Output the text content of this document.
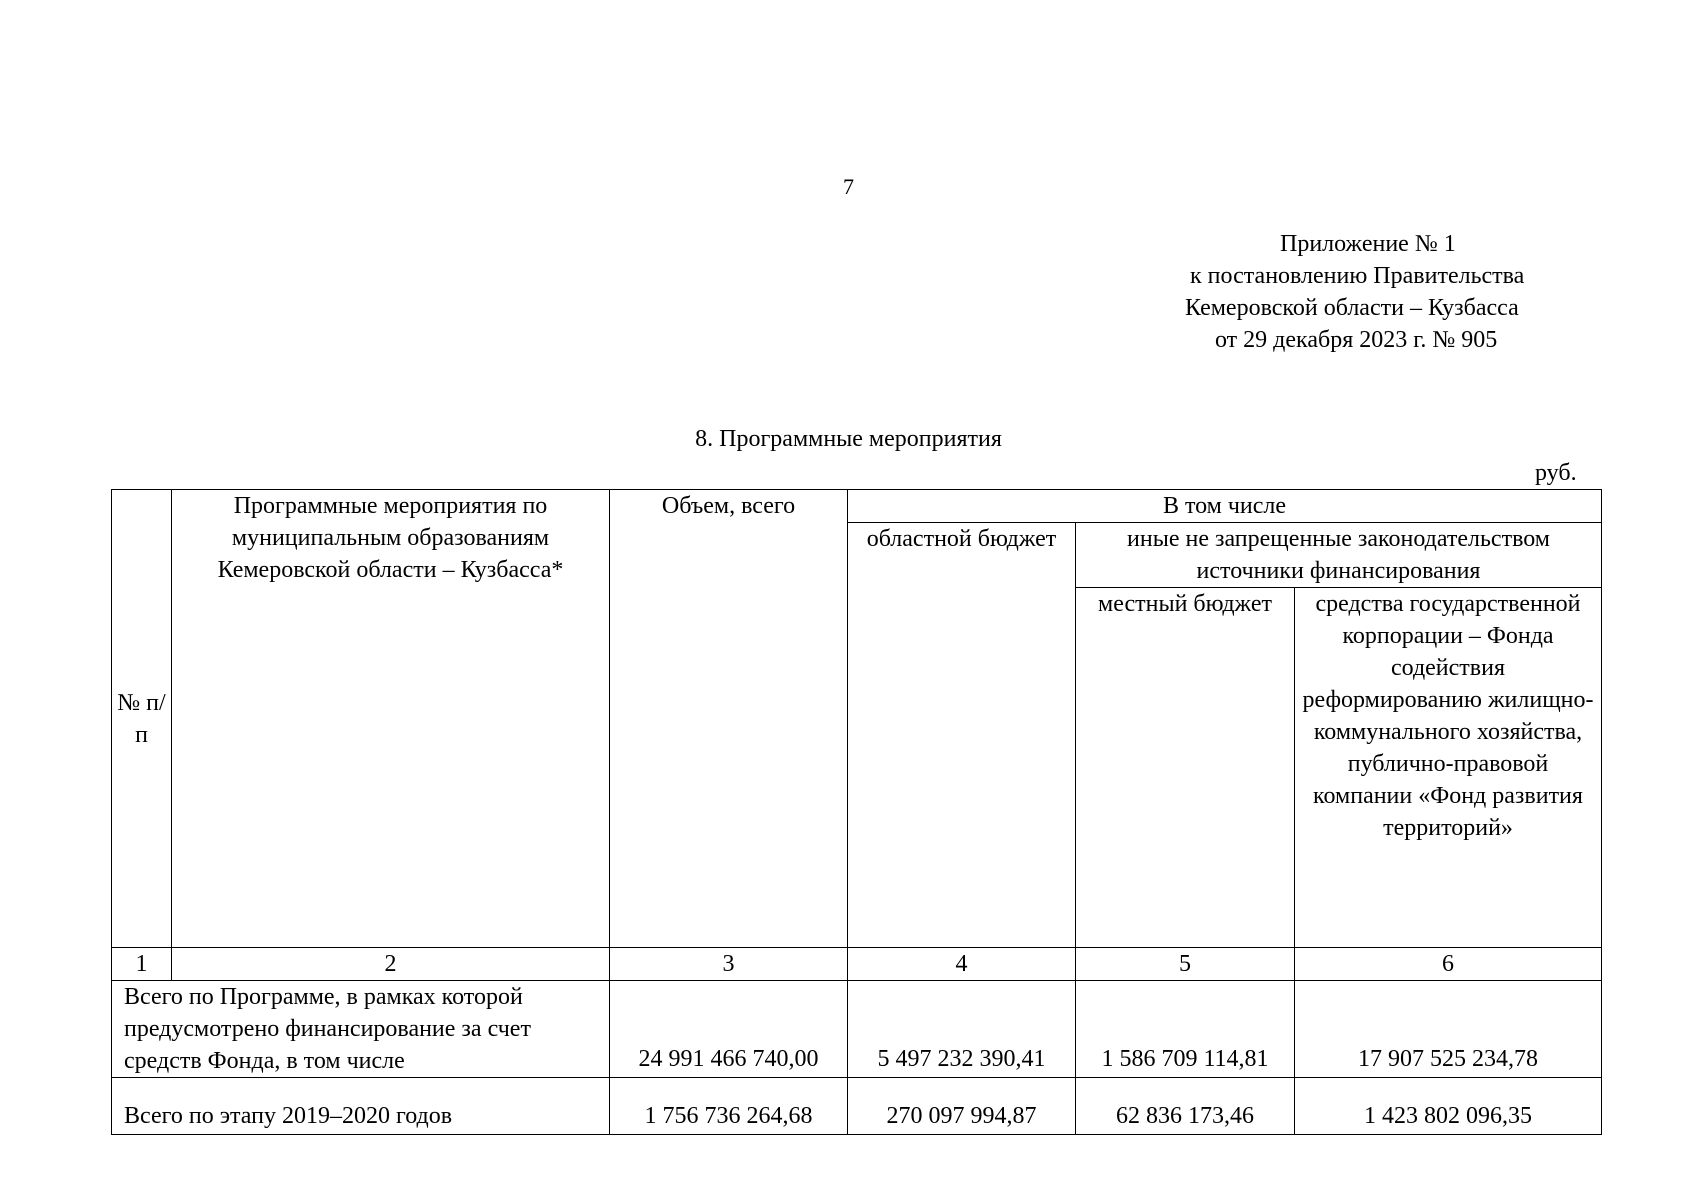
7
Приложение № 1
к постановлению Правительства
Кемеровской области – Кузбасса
от 29 декабря 2023 г. № 905
8. Программные мероприятия
руб.
№ п/п	Программные мероприятия по муниципальным образованиям Кемеровской области – Кузбасса*	Объем, всего	В том числе		
			областной бюджет	иные не запрещенные законодательством источники финансирования	
				местный бюджет	средства государственной корпорации – Фонда содействия реформированию жилищно-коммунального хозяйства, публично-правовой компании «Фонд развития территорий»
1	2	3	4	5	6
Всего по Программе, в рамках которой предусмотрено финансирование за счет средств Фонда, в том числе		24 991 466 740,00	5 497 232 390,41	1 586 709 114,81	17 907 525 234,78
Всего по этапу 2019–2020 годов		1 756 736 264,68	270 097 994,87	62 836 173,46	1 423 802 096,35
